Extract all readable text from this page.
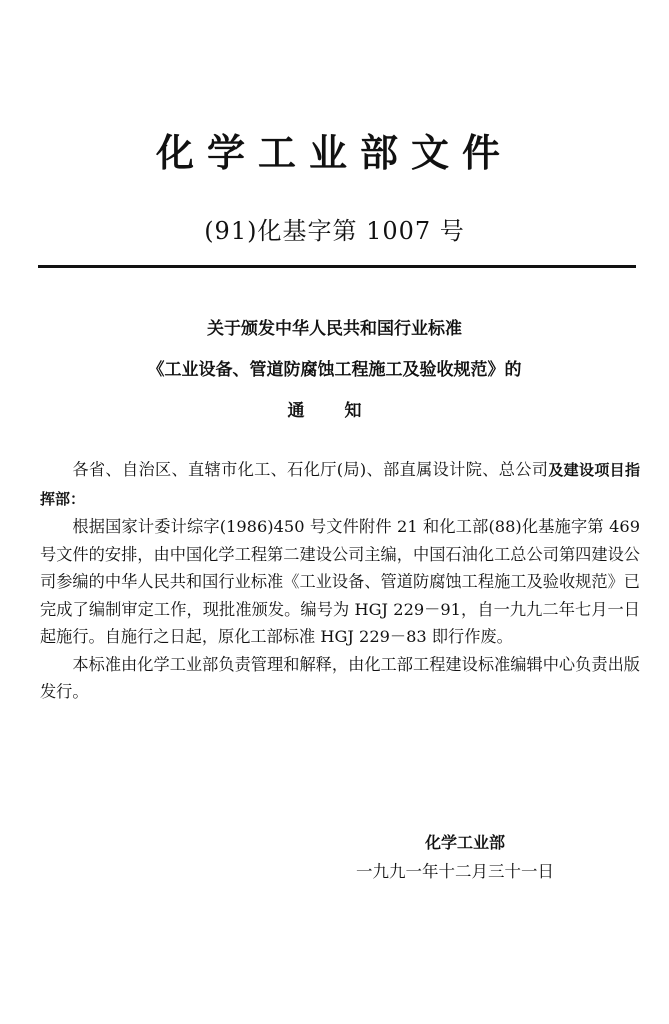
化学工业部文件
(91)化基字第 1007 号
关于颁发中华人民共和国行业标准
《工业设备、管道防腐蚀工程施工及验收规范》的
通知

各省、自治区、直辖市化工、石化厅(局)、部直属设计院、总公司及建设项目指挥部：

根据国家计委计综字(1986)450 号文件附件 21 和化工部(88)化基施字第 469 号文件的安排，由中国化学工程第二建设公司主编，中国石油化工总公司第四建设公司参编的中华人民共和国行业标准《工业设备、管道防腐蚀工程施工及验收规范》已完成了编制审定工作，现批准颁发。编号为 HGJ 229－91，自一九九二年七月一日起施行。自施行之日起，原化工部标准 HGJ 229－83 即行作废。

本标准由化学工业部负责管理和解释，由化工部工程建设标准编辑中心负责出版发行。

化学工业部
一九九一年十二月三十一日
